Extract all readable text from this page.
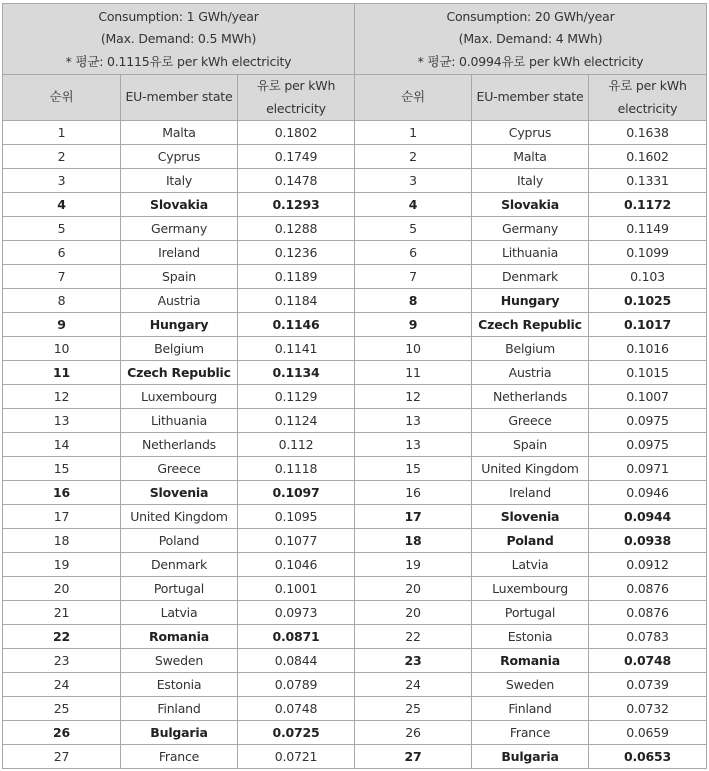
Consumption: 1 GWh/year
(Max. Demand: 0.5 MWh)
* 평균: 0.1115유로 per kWh electricity			Consumption: 20 GWh/year
(Max. Demand: 4 MWh)
* 평균: 0.0994유로 per kWh electricity		

순위	EU-member state	유로 per kWh electricity	순위	EU-member state	유로 per kWh electricity
1	Malta	0.1802	1	Cyprus	0.1638
2	Cyprus	0.1749	2	Malta	0.1602
3	Italy	0.1478	3	Italy	0.1331
4	Slovakia	0.1293	4	Slovakia	0.1172
5	Germany	0.1288	5	Germany	0.1149
6	Ireland	0.1236	6	Lithuania	0.1099
7	Spain	0.1189	7	Denmark	0.103
8	Austria	0.1184	8	Hungary	0.1025
9	Hungary	0.1146	9	Czech Republic	0.1017
10	Belgium	0.1141	10	Belgium	0.1016
11	Czech Republic	0.1134	11	Austria	0.1015
12	Luxembourg	0.1129	12	Netherlands	0.1007
13	Lithuania	0.1124	13	Greece	0.0975
14	Netherlands	0.112	13	Spain	0.0975
15	Greece	0.1118	15	United Kingdom	0.0971
16	Slovenia	0.1097	16	Ireland	0.0946
17	United Kingdom	0.1095	17	Slovenia	0.0944
18	Poland	0.1077	18	Poland	0.0938
19	Denmark	0.1046	19	Latvia	0.0912
20	Portugal	0.1001	20	Luxembourg	0.0876
21	Latvia	0.0973	20	Portugal	0.0876
22	Romania	0.0871	22	Estonia	0.0783
23	Sweden	0.0844	23	Romania	0.0748
24	Estonia	0.0789	24	Sweden	0.0739
25	Finland	0.0748	25	Finland	0.0732
26	Bulgaria	0.0725	26	France	0.0659
27	France	0.0721	27	Bulgaria	0.0653
